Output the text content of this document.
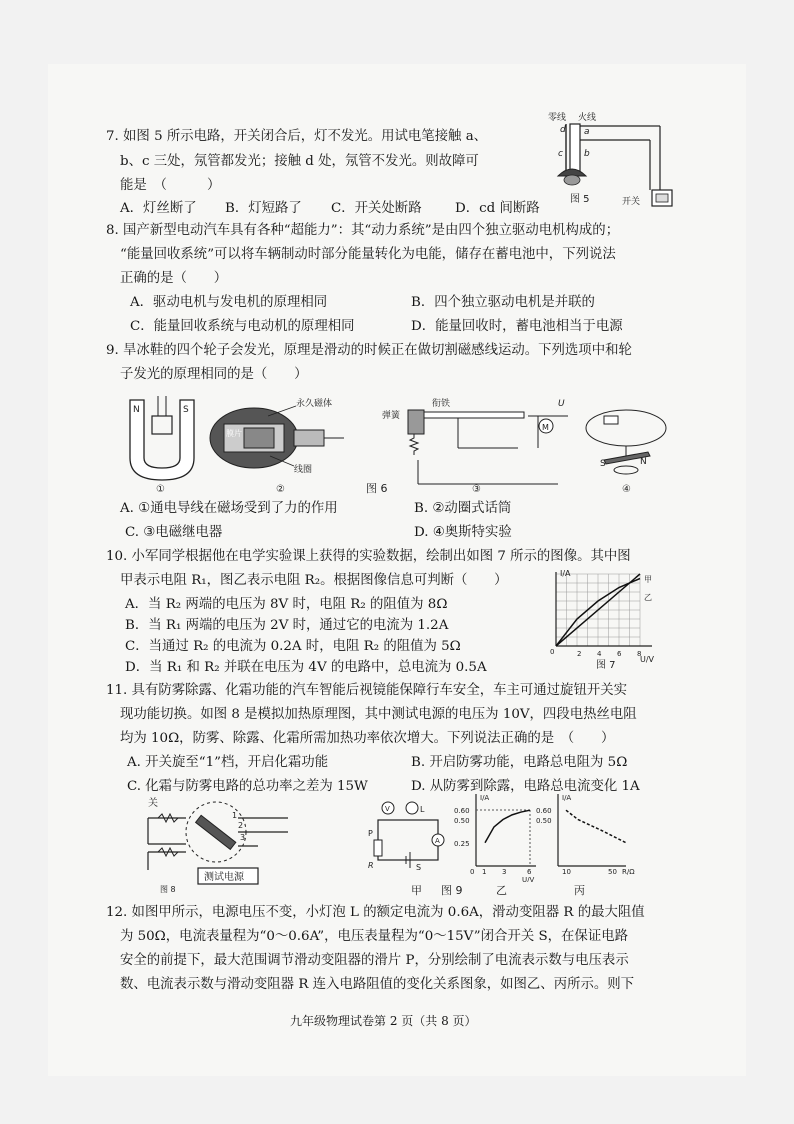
7. 如图 5 所示电路，开关闭合后，灯不发光。用试电笔接触 a、
b、c 三处，氖管都发光；接触 d 处，氖管不发光。则故障可
能是　（　　　）
A．灯丝断了 B．灯短路了 C．开关处断路 D．cd 间断路
零线 火线
d a
c b
图 5	开关
8. 国产新型电动汽车具有各种“超能力”：其“动力系统”是由四个独立驱动电机构成的；
“能量回收系统”可以将车辆制动时部分能量转化为电能，储存在蓄电池中，下列说法
正确的是（　　）
A．驱动电机与发电机的原理相同	B．四个独立驱动电机是并联的
C．能量回收系统与电动机的原理相同	D．能量回收时，蓄电池相当于电源
9. 旱冰鞋的四个轮子会发光，原理是滑动的时候正在做切割磁感线运动。下列选项中和轮
子发光的原理相同的是（　　）
N	S
①
永久磁体
膜片
线圈
②
弹簧
衔铁	U
M
③
S	N
④
图 6
A. ①通电导线在磁场受到了力的作用	B. ②动圈式话筒
C. ③电磁继电器	D. ④奥斯特实验
10. 小军同学根据他在电学实验课上获得的实验数据，绘制出如图 7 所示的图像。其中图
甲表示电阻 R₁，图乙表示电阻 R₂。根据图像信息可判断（　　）
A．当 R₂ 两端的电压为 8V 时，电阻 R₂ 的阻值为 8Ω
B．当 R₁ 两端的电压为 2V 时，通过它的电流为 1.2A
C．当通过 R₂ 的电流为 0.2A 时，电阻 R₂ 的阻值为 5Ω
D．当 R₁ 和 R₂ 并联在电压为 4V 的电路中，总电流为 0.5A
I/A
U/V
甲
乙
0	2 4 6 8
图 7
11. 具有防雾除露、化霜功能的汽车智能后视镜能保障行车安全，车主可通过旋钮开关实
现功能切换。如图 8 是模拟加热原理图，其中测试电源的电压为 10V，四段电热丝电阻
均为 10Ω，防雾、除露、化霜所需加热功率依次增大。下列说法正确的是　（　　）
A. 开关旋至“1”档，开启化霜功能	B. 开启防雾功能，电路总电阻为 5Ω
C. 化霜与防雾电路的总功率之差为 15W	D. 从防雾到除露，电路总电流变化 1A
关
1
2
3
测试电源
图 8
V	L
A
P
R	S
I/A
0.60
0.50
0.25
0 1 3	6
U/V
I/A
0.60
0.50
10	50 R/Ω
甲 图 9	乙	丙
12. 如图甲所示，电源电压不变，小灯泡 L 的额定电流为 0.6A，滑动变阻器 R 的最大阻值
为 50Ω，电流表量程为“0～0.6A”，电压表量程为“0～15V”闭合开关 S，在保证电路
安全的前提下，最大范围调节滑动变阻器的滑片 P，分别绘制了电流表示数与电压表示
数、电流表示数与滑动变阻器 R 连入电路阻值的变化关系图象，如图乙、丙所示。则下
九年级物理试卷第 2 页（共 8 页）
